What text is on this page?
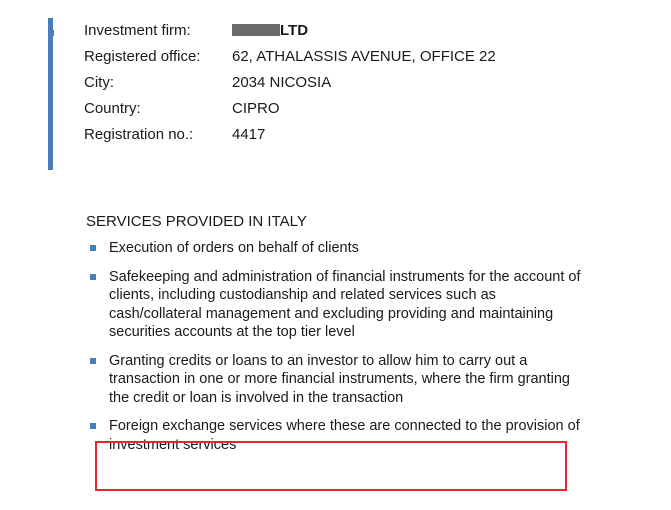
Investment firm:	LTD
Registered office:	62, ATHALASSIS AVENUE, OFFICE 22
City:	2034 NICOSIA
Country:	CIPRO
Registration no.:	4417
SERVICES PROVIDED IN ITALY
Execution of orders on behalf of clients
Safekeeping and administration of financial instruments for the account of clients, including custodianship and related services such as cash/collateral management and excluding providing and maintaining securities accounts at the top tier level
Granting credits or loans to an investor to allow him to carry out a transaction in one or more financial instruments, where the firm granting the credit or loan is involved in the transaction
Foreign exchange services where these are connected to the provision of investment services
